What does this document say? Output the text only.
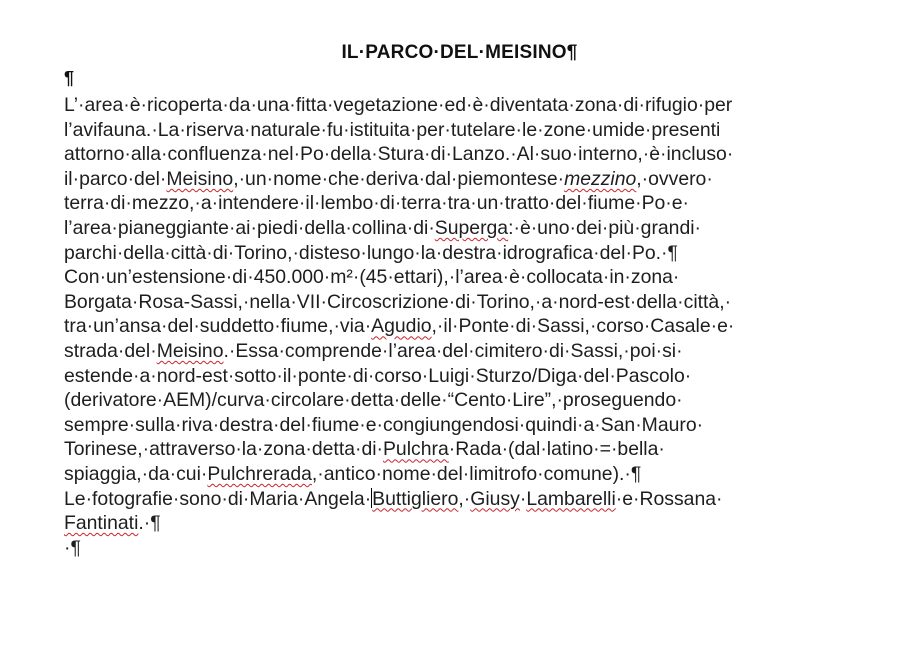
IL·PARCO·DEL·MEISINO¶
¶
L’·area·è·ricoperta·da·una·fitta·vegetazione·ed·è·diventata·zona·di·rifugio·per
l’avifauna.·La·riserva·naturale·fu·istituita·per·tutelare·le·zone·umide·presenti
attorno·alla·confluenza·nel·Po·della·Stura·di·Lanzo.·Al·suo·interno,·è·incluso·
il·parco·del·Meisino,·un·nome·che·deriva·dal·piemontese·mezzino,·ovvero·
terra·di·mezzo,·a·intendere·il·lembo·di·terra·tra·un·tratto·del·fiume·Po·e·
l’area·pianeggiante·ai·piedi·della·collina·di·Superga:·è·uno·dei·più·grandi·
parchi·della·città·di·Torino,·disteso·lungo·la·destra·idrografica·del·Po.·¶
Con·un’estensione·di·450.000·m²·(45·ettari),·l’area·è·collocata·in·zona·
Borgata·Rosa-Sassi,·nella·VII·Circoscrizione·di·Torino,·a·nord-est·della·città,·
tra·un’ansa·del·suddetto·fiume,·via·Agudio,·il·Ponte·di·Sassi,·corso·Casale·e·
strada·del·Meisino.·Essa·comprende·l’area·del·cimitero·di·Sassi,·poi·si·
estende·a·nord-est·sotto·il·ponte·di·corso·Luigi·Sturzo/Diga·del·Pascolo·
(derivatore·AEM)/curva·circolare·detta·delle·“Cento·Lire”,·proseguendo·
sempre·sulla·riva·destra·del·fiume·e·congiungendosi·quindi·a·San·Mauro·
Torinese,·attraverso·la·zona·detta·di·Pulchra·Rada·(dal·latino·=·bella·
spiaggia,·da·cui·Pulchrerada,·antico·nome·del·limitrofo·comune).·¶
Le·fotografie·sono·di·Maria·Angela·Buttigliero,·Giusy·Lambarelli·e·Rossana·
Fantinati.·¶
·¶
